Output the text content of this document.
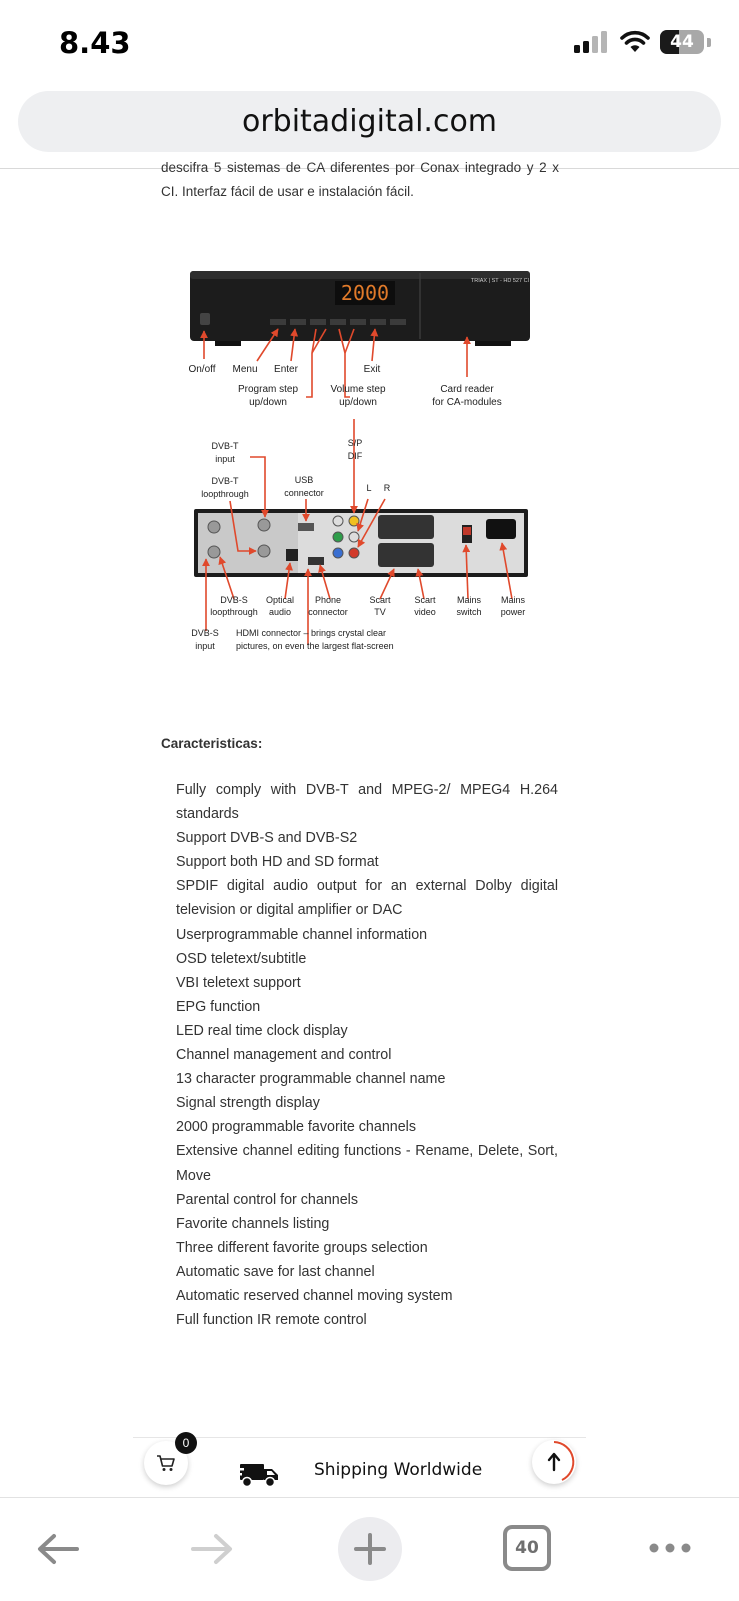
8.43	44
orbitadigital.com
descifra 5 sistemas de CA diferentes por Conax integrado y 2 x CI. Interfaz fácil de usar e instalación fácil.
2000	TRIAX | ST - HD 527 CI
On/off Menu Enter
Program step
up/down
Volume step
up/down
Exit
Card reader
for CA-modules
DVB-T
input
DVB-T
loopthrough
USB
connector
S/P
DIF
L R
DVB-S
loopthrough
Optical
audio
Phone
connector
Scart
TV
Scart
video
Mains
switch
Mains
power
DVB-S
input
HDMI connector – brings crystal clear
pictures, on even the largest flat-screen
Caracteristicas:
Fully comply with DVB-T and MPEG-2/ MPEG4 H.264 standards
Support DVB-S and DVB-S2
Support both HD and SD format
SPDIF digital audio output for an external Dolby digital television or digital amplifier or DAC
Userprogrammable channel information
OSD teletext/subtitle
VBI teletext support
EPG function
LED real time clock display
Channel management and control
13 character programmable channel name
Signal strength display
2000 programmable favorite channels
Extensive channel editing functions - Rename, Delete, Sort, Move
Parental control for channels
Favorite channels listing
Three different favorite groups selection
Automatic save for last channel
Automatic reserved channel moving system
Full function IR remote control
0
Shipping Worldwide
40
